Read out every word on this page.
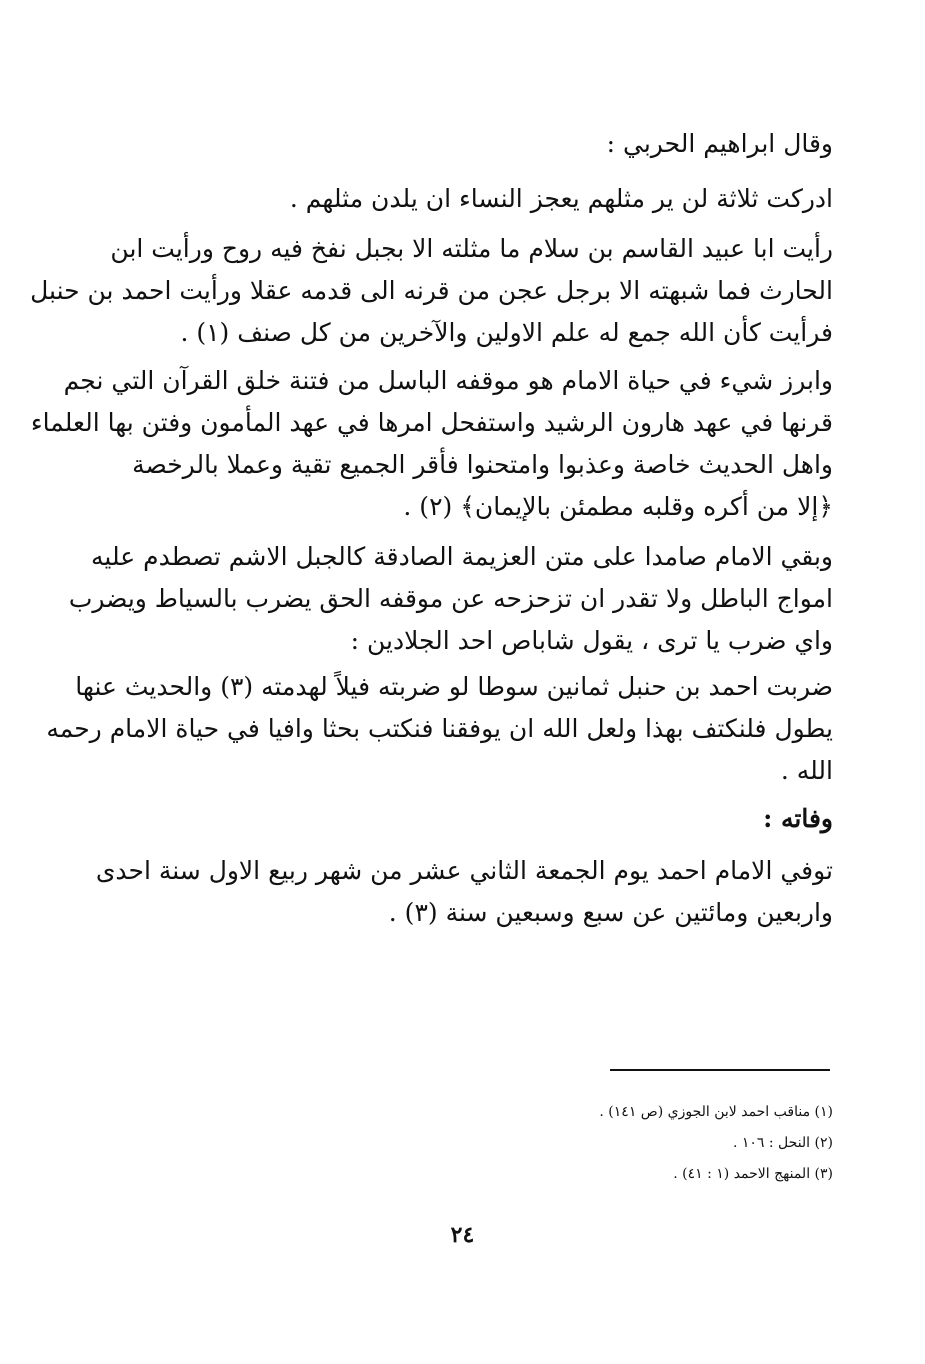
وقال ابراهيم الحربي :
ادركت ثلاثة لن ير مثلهم يعجز النساء ان يلدن مثلهم .
رأيت ابا عبيد القاسم بن سلام ما مثلته الا بجبل نفخ فيه روح ورأيت ابن
الحارث فما شبهته الا برجل عجن من قرنه الى قدمه عقلا ورأيت احمد بن حنبل
فرأيت كأن الله جمع له علم الاولين والآخرين من كل صنف (١) .
وابرز شيء في حياة الامام هو موقفه الباسل من فتنة خلق القرآن التي نجم
قرنها في عهد هارون الرشيد واستفحل امرها في عهد المأمون وفتن بها العلماء
واهل الحديث خاصة وعذبوا وامتحنوا فأقر الجميع تقية وعملا بالرخصة
﴿إلا من أكره وقلبه مطمئن بالإيمان﴾ (٢) .
وبقي الامام صامدا على متن العزيمة الصادقة كالجبل الاشم تصطدم عليه
امواج الباطل ولا تقدر ان تزحزحه عن موقفه الحق يضرب بالسياط ويضرب
واي ضرب يا ترى ، يقول شاباص احد الجلادين :
ضربت احمد بن حنبل ثمانين سوطا لو ضربته فيلاً لهدمته (٣) والحديث عنها
يطول فلنكتف بهذا ولعل الله ان يوفقنا فنكتب بحثا وافيا في حياة الامام رحمه
الله .
وفاته :
توفي الامام احمد يوم الجمعة الثاني عشر من شهر ربيع الاول سنة احدى
واربعين ومائتين عن سبع وسبعين سنة (٣) .
(١) مناقب احمد لابن الجوزي (ص ١٤١) .
(٢) النحل : ١٠٦ .
(٣) المنهج الاحمد (١ : ٤١) .
٢٤
